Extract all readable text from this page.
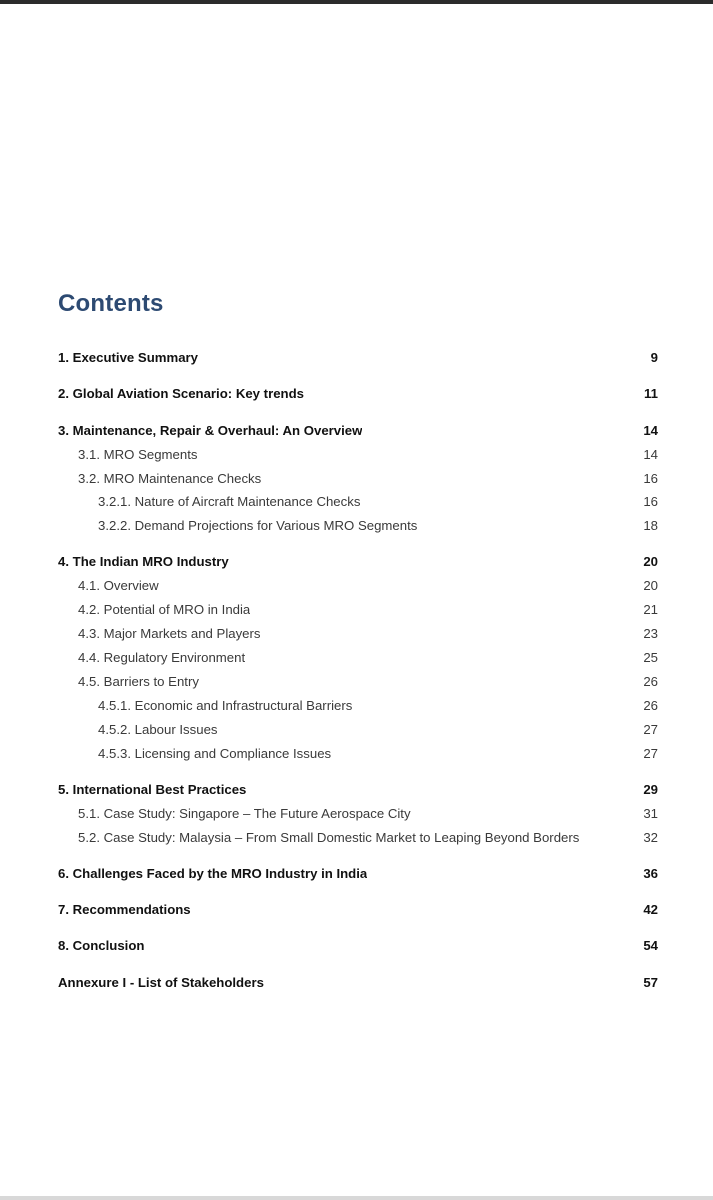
Contents
1. Executive Summary	9
2. Global Aviation Scenario: Key trends	11
3. Maintenance, Repair & Overhaul: An Overview	14
3.1. MRO Segments	14
3.2. MRO Maintenance Checks	16
3.2.1. Nature of Aircraft Maintenance Checks	16
3.2.2. Demand Projections for Various MRO Segments	18
4. The Indian MRO Industry	20
4.1. Overview	20
4.2. Potential of MRO in India	21
4.3. Major Markets and Players	23
4.4. Regulatory Environment	25
4.5. Barriers to Entry	26
4.5.1. Economic and Infrastructural Barriers	26
4.5.2. Labour Issues	27
4.5.3. Licensing and Compliance Issues	27
5. International Best Practices	29
5.1. Case Study: Singapore – The Future Aerospace City	31
5.2. Case Study: Malaysia – From Small Domestic Market to Leaping Beyond Borders	32
6. Challenges Faced by the MRO Industry in India	36
7. Recommendations	42
8. Conclusion	54
Annexure I - List of Stakeholders	57
